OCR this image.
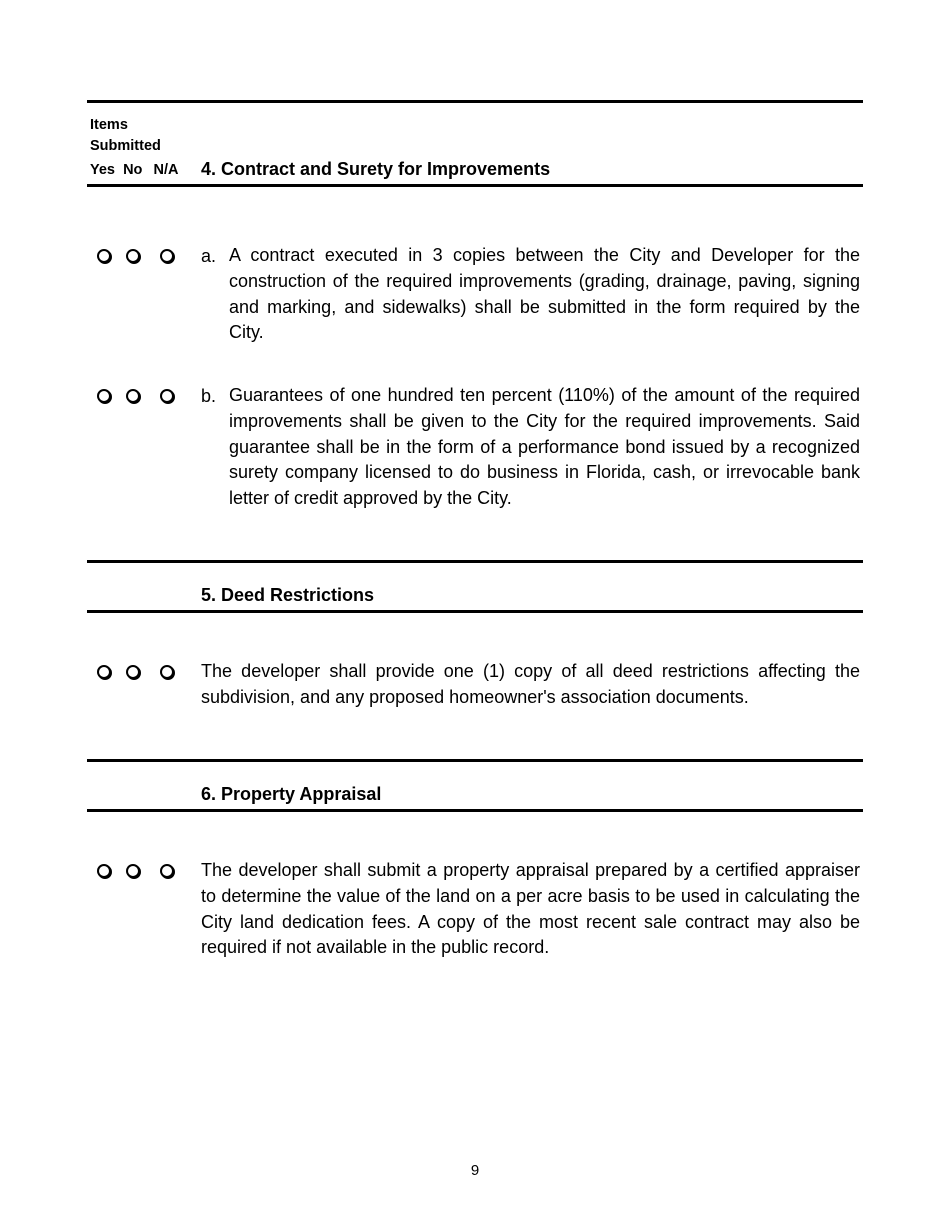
Items
Submitted
Yes No N/A 4. Contract and Surety for Improvements
a. A contract executed in 3 copies between the City and Developer for the construction of the required improvements (grading, drainage, paving, signing and marking, and sidewalks) shall be submitted in the form required by the City.

b. Guarantees of one hundred ten percent (110%) of the amount of the required improvements shall be given to the City for the required improvements. Said guarantee shall be in the form of a performance bond issued by a recognized surety company licensed to do business in Florida, cash, or irrevocable bank letter of credit approved by the City.

5. Deed Restrictions

The developer shall provide one (1) copy of all deed restrictions affecting the subdivision, and any proposed homeowner's association documents.

6. Property Appraisal

The developer shall submit a property appraisal prepared by a certified appraiser to determine the value of the land on a per acre basis to be used in calculating the City land dedication fees. A copy of the most recent sale contract may also be required if not available in the public record.

9
